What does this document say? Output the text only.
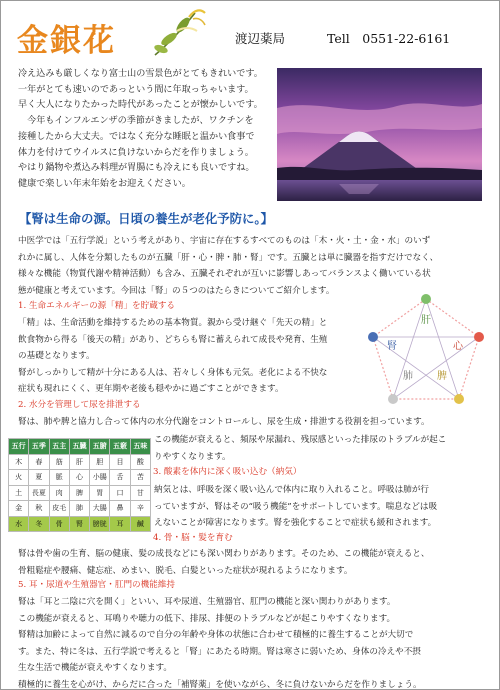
金銀花	渡辺薬局	Tell　0551-22-6161

冷え込みも厳しくなり富士山の雪景色がとてもきれいです。

一年がとても速いのであっという間に年取っちゃいます。

早く大人になりたかった時代があったことが懐かしいです。

　今年もインフルエンザの季節がきましたが、ワクチンを

接種したから大丈夫。ではなく充分な睡眠と温かい食事で

体力を付けてウイルスに負けないからだを作りましょう。

やはり鍋物や煮込み料理が胃腸にも冷えにも良いですね。

健康で楽しい年末年始をお迎えください。

【腎は生命の源。日頃の養生が老化予防に。】
中医学では「五行学説」という考えがあり、宇宙に存在するすべてのものは「木・火・土・金・水」のいず
れかに属し、人体を分類したものが五臓「肝・心・脾・肺・腎」です。五臓とは単に臓器を指すだけでなく、
様々な機能（物質代謝や精神活動）も含み、五臓それぞれが互いに影響しあってバランスよく働いている状
態が健康と考えています。今回は「腎」の５つのはたらきについてご紹介します。
1. 生命エネルギーの源「精」を貯蔵する
「精」は、生命活動を維持するための基本物質。親から受け継ぐ「先天の精」と
飲食物から得る「後天の精」があり、どちらも腎に蓄えられて成長や発育、生殖
の基礎となります。
腎がしっかりして精が十分にある人は、若々しく身体も元気。老化による不快な
症状も現れにくく、更年期や老後も穏やかに過ごすことができます。
肝
心
脾
肺
腎
2. 水分を管理して尿を排泄する
腎は、肺や脾と協力し合って体内の水分代謝をコントロールし、尿を生成・排泄する役割を担っています。
五行	五季	五主	五臓	五腑	五竅	五味
木	春	筋	肝	胆	目	酸
火	夏	脈	心	小腸	舌	苦
土	長夏	肉	脾	胃	口	甘
金	秋	皮毛	肺	大腸	鼻	辛
水	冬	骨	腎	膀胱	耳	鹹
この機能が衰えると、頻尿や尿漏れ、残尿感といった排尿のトラブルが起こ
りやすくなります。
3. 酸素を体内に深く吸い込む（納気）
納気とは、呼吸を深く吸い込んで体内に取り入れること。呼吸は肺が行
っていますが、腎はその“吸う機能”をサポートしています。喘息などは吸
えないことが障害になります。腎を強化することで症状も緩和されます。
4. 骨・脳・髪を育む
腎は骨や歯の生育、脳の健康、髪の成長などにも深い関わりがあります。そのため、この機能が衰えると、
骨粗鬆症や腰痛、健忘症、めまい、脱毛、白髪といった症状が現れるようになります。
5. 耳・尿道や生殖器官・肛門の機能維持
腎は「耳と二陰に穴を開く」といい、耳や尿道、生殖器官、肛門の機能と深い関わりがあります。
この機能が衰えると、耳鳴りや聴力の低下、排尿、排便のトラブルなどが起こりやすくなります。
腎精は加齢によって自然に減るので自分の年齢や身体の状態に合わせて積極的に養生することが大切で
す。また、特に冬は、五行学説で考えると「腎」にあたる時期。腎は寒さに弱いため、身体の冷えや不摂
生な生活で機能が衰えやすくなります。
積極的に養生を心がけ、からだに合った「補腎薬」を使いながら、冬に負けないからだを作りましょう。
